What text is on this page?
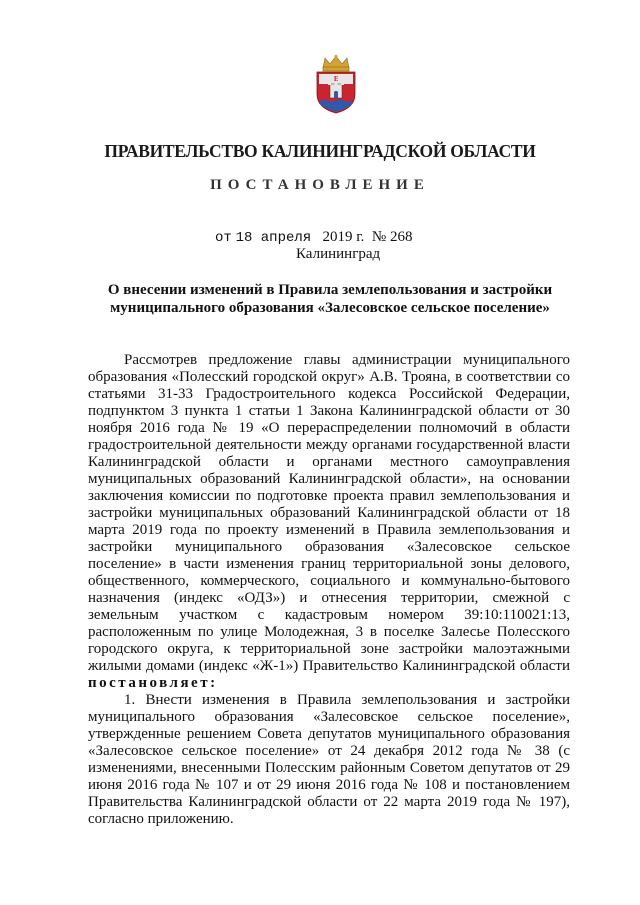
E
ПРАВИТЕЛЬСТВО КАЛИНИНГРАДСКОЙ ОБЛАСТИ
ПОСТАНОВЛЕНИЕ
от 18 апреля 2019 г. № 268
Калининград
О внесении изменений в Правила землепользования и застройки муниципального образования «Залесовское сельское поселение»

Рассмотрев предложение главы администрации муниципального образования «Полесский городской округ» А.В. Трояна, в соответствии со статьями 31-33 Градостроительного кодекса Российской Федерации, подпунктом 3 пункта 1 статьи 1 Закона Калининградской области от 30 ноября 2016 года № 19 «О перераспределении полномочий в области градостроительной деятельности между органами государственной власти Калининградской области и органами местного самоуправления муниципальных образований Калининградской области», на основании заключения комиссии по подготовке проекта правил землепользования и застройки муниципальных образований Калининградской области от 18 марта 2019 года по проекту изменений в Правила землепользования и застройки муниципального образования «Залесовское сельское поселение» в части изменения границ территориальной зоны делового, общественного, коммерческого, социального и коммунально-бытового назначения (индекс «ОДЗ») и отнесения территории, смежной с земельным участком с кадастровым номером 39:10:110021:13, расположенным по улице Молодежная, 3 в поселке Залесье Полесского городского округа, к территориальной зоне застройки малоэтажными жилыми домами (индекс «Ж-1») Правительство Калининградской области постановляет:

1. Внести изменения в Правила землепользования и застройки муниципального образования «Залесовское сельское поселение», утвержденные решением Совета депутатов муниципального образования «Залесовское сельское поселение» от 24 декабря 2012 года № 38 (с изменениями, внесенными Полесским районным Советом депутатов от 29 июня 2016 года № 107 и от 29 июня 2016 года № 108 и постановлением Правительства Калининградской области от 22 марта 2019 года № 197), согласно приложению.
